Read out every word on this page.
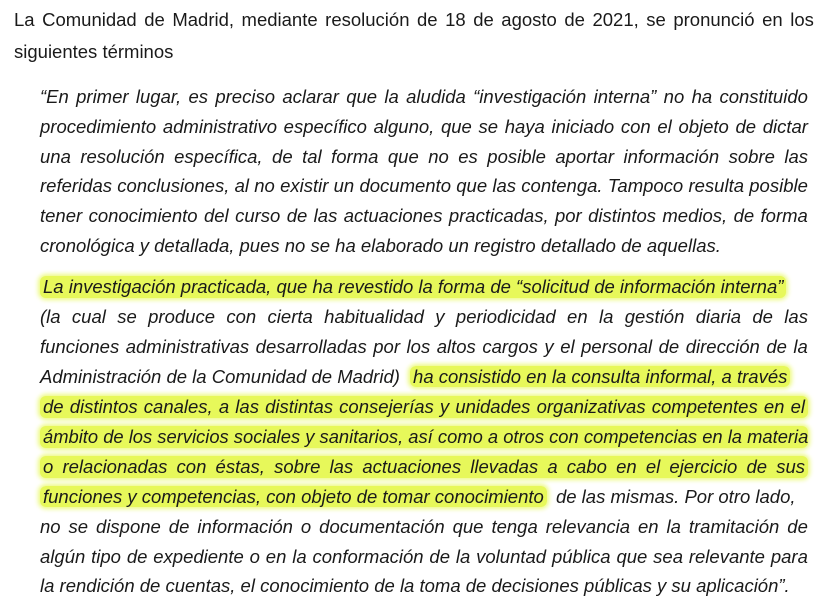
La Comunidad de Madrid, mediante resolución de 18 de agosto de 2021, se pronunció en los
siguientes términos
“En primer lugar, es preciso aclarar que la aludida “investigación interna” no ha constituido
procedimiento administrativo específico alguno, que se haya iniciado con el objeto de dictar
una resolución específica, de tal forma que no es posible aportar información sobre las
referidas conclusiones, al no existir un documento que las contenga. Tampoco resulta posible
tener conocimiento del curso de las actuaciones practicadas, por distintos medios, de forma
cronológica y detallada, pues no se ha elaborado un registro detallado de aquellas.
La investigación practicada, que ha revestido la forma de “solicitud de información interna”
(la cual se produce con cierta habitualidad y periodicidad en la gestión diaria de las
funciones administrativas desarrolladas por los altos cargos y el personal de dirección de la
Administración de la Comunidad de Madrid) ha consistido en la consulta informal, a través
de distintos canales, a las distintas consejerías y unidades organizativas competentes en el
ámbito de los servicios sociales y sanitarios, así como a otros con competencias en la materia
o relacionadas con éstas, sobre las actuaciones llevadas a cabo en el ejercicio de sus
funciones y competencias, con objeto de tomar conocimiento de las mismas. Por otro lado,
no se dispone de información o documentación que tenga relevancia en la tramitación de
algún tipo de expediente o en la conformación de la voluntad pública que sea relevante para
la rendición de cuentas, el conocimiento de la toma de decisiones públicas y su aplicación”.
